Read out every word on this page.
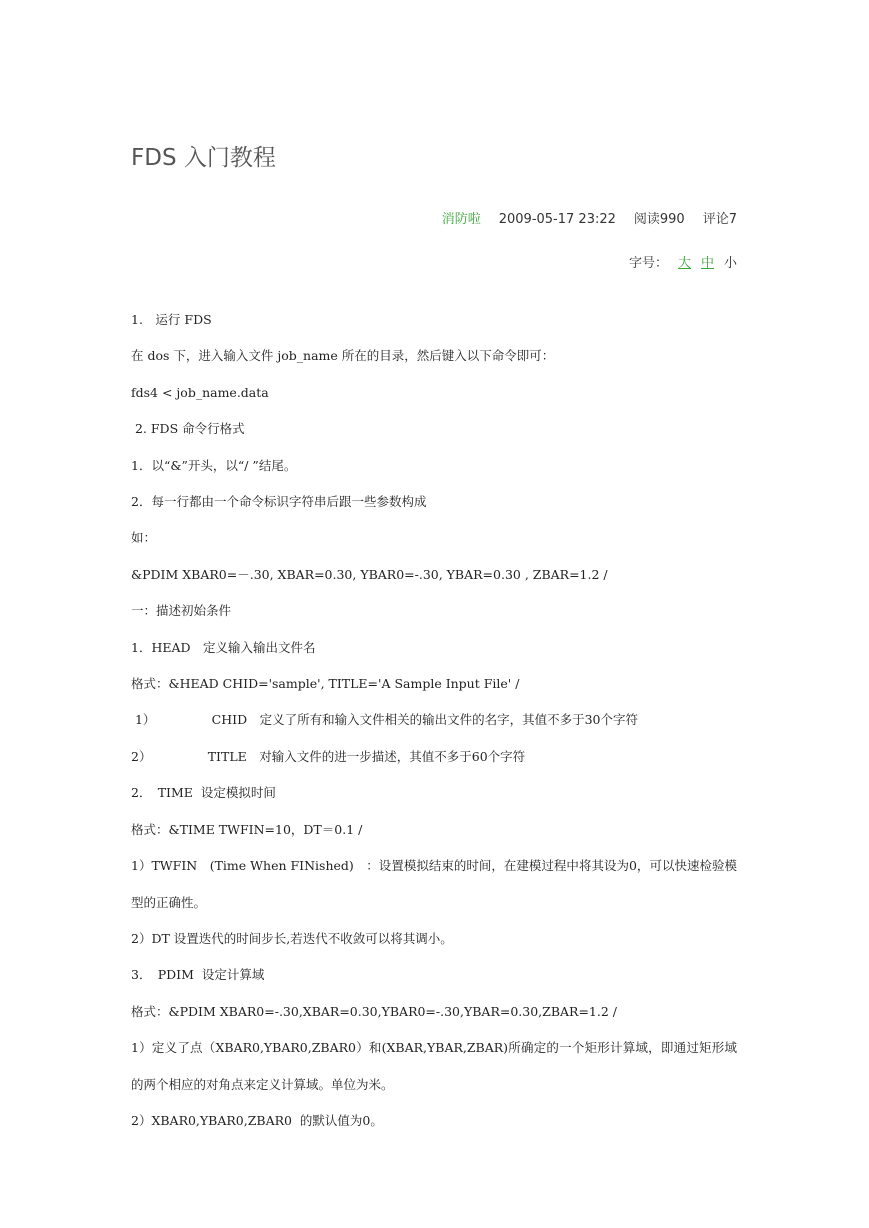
FDS 入门教程
消防啦 2009-05-17 23:22 阅读990 评论7
字号： 大 中 小

1.　运行 FDS

在 dos 下，进入输入文件 job_name 所在的目录，然后键入以下命令即可：

fds4 < job_name.data

2. FDS 命令行格式

1．以“&”开头，以“/ ”结尾。

2．每一行都由一个命令标识字符串后跟一些参数构成

如：

&PDIM XBAR0=－.30, XBAR=0.30, YBAR0=-.30, YBAR=0.30 , ZBAR=1.2 /

一：描述初始条件

1．HEAD　定义输入输出文件名

格式：&HEAD CHID='sample', TITLE='A Sample Input File' /

1）　　　　　CHID　定义了所有和输入文件相关的输出文件的名字，其值不多于30个字符

2）　　　　　TITLE　对输入文件的进一步描述，其值不多于60个字符

2．　TIME  设定模拟时间

格式：&TIME TWFIN=10，DT＝0.1 /

1）TWFIN　(Time When FINished)　：设置模拟结束的时间，在建模过程中将其设为0，可以快速检验模型的正确性。

2）DT 设置迭代的时间步长,若迭代不收敛可以将其调小。

3．　PDIM  设定计算域

格式：&PDIM XBAR0=-.30,XBAR=0.30,YBAR0=-.30,YBAR=0.30,ZBAR=1.2 /

1）定义了点（XBAR0,YBAR0,ZBAR0）和(XBAR,YBAR,ZBAR)所确定的一个矩形计算域，即通过矩形域的两个相应的对角点来定义计算域。单位为米。

2）XBAR0,YBAR0,ZBAR0  的默认值为0。
